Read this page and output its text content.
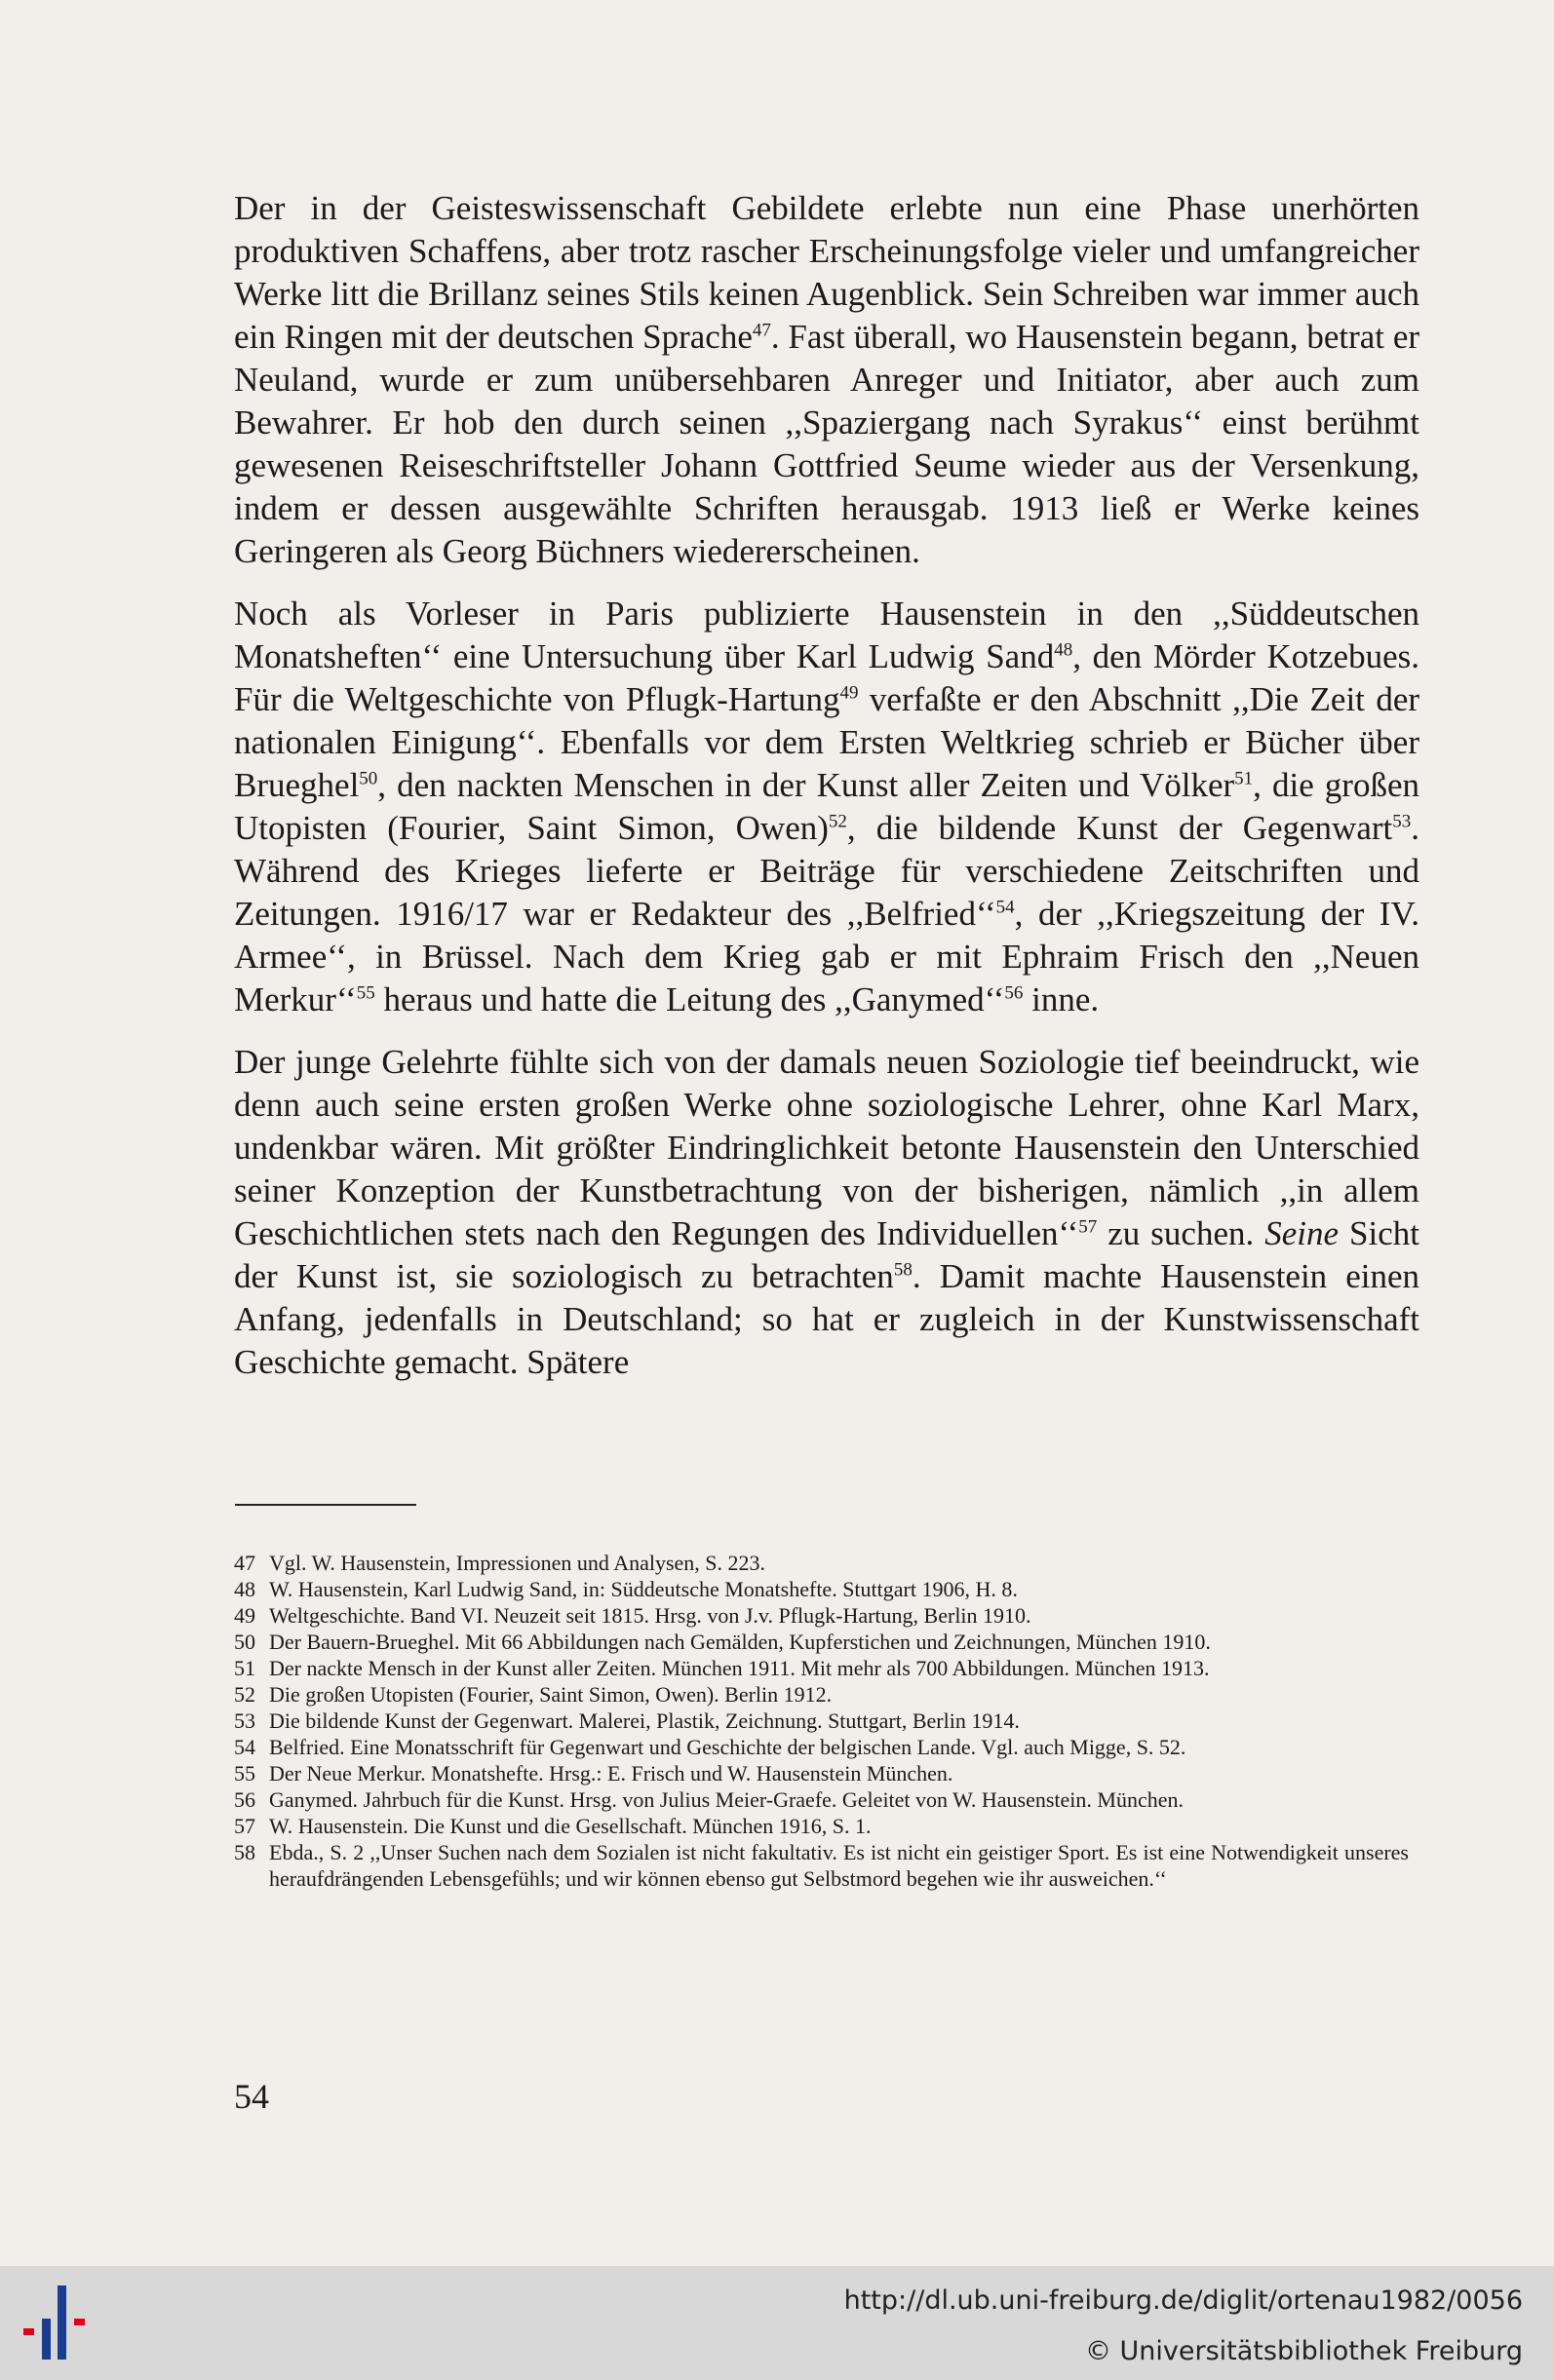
Der in der Geisteswissenschaft Gebildete erlebte nun eine Phase unerhörten produktiven Schaffens, aber trotz rascher Erscheinungsfolge vieler und umfangreicher Werke litt die Brillanz seines Stils keinen Augenblick. Sein Schreiben war immer auch ein Ringen mit der deutschen Sprache$^{47}$. Fast überall, wo Hausenstein begann, betrat er Neuland, wurde er zum unübersehbaren Anreger und Initiator, aber auch zum Bewahrer. Er hob den durch seinen ,,Spaziergang nach Syrakus‘‘ einst berühmt gewesenen Reiseschriftsteller Johann Gottfried Seume wieder aus der Versenkung, indem er dessen ausgewählte Schriften herausgab. 1913 ließ er Werke keines Geringeren als Georg Büchners wiedererscheinen.

Noch als Vorleser in Paris publizierte Hausenstein in den ,,Süddeutschen Monatsheften‘‘ eine Untersuchung über Karl Ludwig Sand$^{48}$, den Mörder Kotzebues. Für die Weltgeschichte von Pflugk-Hartung$^{49}$ verfaßte er den Abschnitt ,,Die Zeit der nationalen Einigung‘‘. Ebenfalls vor dem Ersten Weltkrieg schrieb er Bücher über Brueghel$^{50}$, den nackten Menschen in der Kunst aller Zeiten und Völker$^{51}$, die großen Utopisten (Fourier, Saint Simon, Owen)$^{52}$, die bildende Kunst der Gegenwart$^{53}$. Während des Krieges lieferte er Beiträge für verschiedene Zeitschriften und Zeitungen. 1916/17 war er Redakteur des ,,Belfried‘‘$^{54}$, der ,,Kriegszeitung der IV. Armee‘‘, in Brüssel. Nach dem Krieg gab er mit Ephraim Frisch den ,,Neuen Merkur‘‘$^{55}$ heraus und hatte die Leitung des ,,Ganymed‘‘$^{56}$ inne.

Der junge Gelehrte fühlte sich von der damals neuen Soziologie tief beeindruckt, wie denn auch seine ersten großen Werke ohne soziologische Lehrer, ohne Karl Marx, undenkbar wären. Mit größter Eindringlichkeit betonte Hausenstein den Unterschied seiner Konzeption der Kunstbetrachtung von der bisherigen, nämlich ,,in allem Geschichtlichen stets nach den Regungen des Individuellen‘‘$^{57}$ zu suchen. Seine Sicht der Kunst ist, sie soziologisch zu betrachten$^{58}$. Damit machte Hausenstein einen Anfang, jedenfalls in Deutschland; so hat er zugleich in der Kunstwissenschaft Geschichte gemacht. Spätere

47 Vgl. W. Hausenstein, Impressionen und Analysen, S. 223.
48 W. Hausenstein, Karl Ludwig Sand, in: Süddeutsche Monatshefte. Stuttgart 1906, H. 8.
49 Weltgeschichte. Band VI. Neuzeit seit 1815. Hrsg. von J.v. Pflugk-Hartung, Berlin 1910.
50 Der Bauern-Brueghel. Mit 66 Abbildungen nach Gemälden, Kupferstichen und Zeichnungen, München 1910.
51 Der nackte Mensch in der Kunst aller Zeiten. München 1911. Mit mehr als 700 Abbildungen. München 1913.
52 Die großen Utopisten (Fourier, Saint Simon, Owen). Berlin 1912.
53 Die bildende Kunst der Gegenwart. Malerei, Plastik, Zeichnung. Stuttgart, Berlin 1914.
54 Belfried. Eine Monatsschrift für Gegenwart und Geschichte der belgischen Lande. Vgl. auch Migge, S. 52.
55 Der Neue Merkur. Monatshefte. Hrsg.: E. Frisch und W. Hausenstein München.
56 Ganymed. Jahrbuch für die Kunst. Hrsg. von Julius Meier-Graefe. Geleitet von W. Hausenstein. München.
57 W. Hausenstein. Die Kunst und die Gesellschaft. München 1916, S. 1.
58 Ebda., S. 2 ,,Unser Suchen nach dem Sozialen ist nicht fakultativ. Es ist nicht ein geistiger Sport. Es ist eine Notwendigkeit unseres heraufdrängenden Lebensgefühls; und wir können ebenso gut Selbstmord begehen wie ihr ausweichen.‘‘
54
http://dl.ub.uni-freiburg.de/diglit/ortenau1982/0056
© Universitätsbibliothek Freiburg
